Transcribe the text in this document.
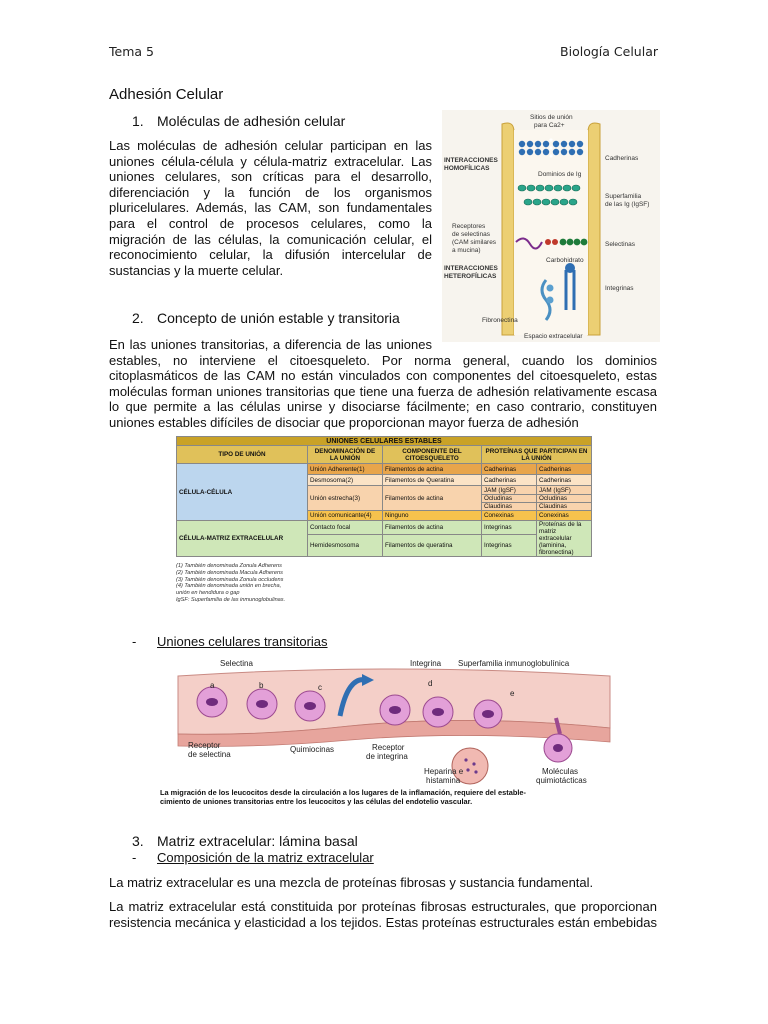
Tema 5	Biología Celular
Adhesión Celular
1. Moléculas de adhesión celular
Las moléculas de adhesión celular participan en las
uniones célula-célula y célula-matriz extracelular. Las
uniones celulares, son críticas para el desarrollo,
diferenciación y la función de los organismos
pluricelulares. Además, las CAM, son fundamentales
para el control de procesos celulares, como la
migración de las células, la comunicación celular, el
reconocimiento celular, la difusión intercelular de
sustancias y la muerte celular.
Sitios de unión
para Ca2+
INTERACCIONES
HOMOFÍLICAS
Cadherinas
Dominios de Ig
Superfamilia
de las Ig (IgSF)
Receptores
de selectinas
(CAM similares
a mucina)
Selectinas
Carbohidrato
INTERACCIONES
HETEROFÍLICAS
Integrinas
Fibronectina
Espacio extracelular
2. Concepto de unión estable y transitoria
En las uniones transitorias, a diferencia de las uniones
estables, no interviene el citoesqueleto. Por norma general, cuando los dominios
citoplasmáticos de las CAM no están vinculados con componentes del citoesqueleto, estas
moléculas forman uniones transitorias que tiene una fuerza de adhesión relativamente escasa
lo que permite a las células unirse y disociarse fácilmente; en caso contrario, constituyen
uniones estables difíciles de disociar que proporcionan mayor fuerza de adhesión
UNIONES CELULARES ESTABLES				
TIPO DE UNIÓN	DENOMINACIÓN DE LA UNIÓN	COMPONENTE DEL CITOESQUELETO	PROTEÍNAS QUE PARTICIPAN EN LA UNIÓN	
CÉLULA-CÉLULA	Unión Adherente(1)	Filamentos de actina	Cadherinas	Cadherinas
	Desmosoma(2)	Filamentos de Queratina	Cadherinas	Cadherinas
	Unión estrecha(3)	Filamentos de actina	JAM (IgSF)	JAM (IgSF)
			Ocludinas	Ocludinas
			Claudinas	Claudinas
	Unión comunicante(4)	Ninguno	Conexinas	Conexinas
CÉLULA-MATRIZ EXTRACELULAR	Contacto focal	Filamentos de actina	Integrinas	Proteínas de la matriz extracelular (laminina, fibronectina)
	Hemidesmosoma	Filamentos de queratina	Integrinas	
(1) También denominada Zonula Adherens
(2) También denominada Macula Adherens
(3) También denominada Zonula occludens
(4) También denominada unión en brecha,
unión en hendidura o gap
IgSF: Superfamilia de las inmunoglobulinas.
- Uniones celulares transitorias
Selectina	Integrina Superfamilia inmunoglobulínica
a	b	c	d
e
Receptor
de selectina
Quimiocinas	Receptor
de integrina
Heparina e
histamina
Moléculas
quimiotácticas
La migración de los leucocitos desde la circulación a los lugares de la inflamación, requiere del estable-
cimiento de uniones transitorias entre los leucocitos y las células del endotelio vascular.
3. Matriz extracelular: lámina basal
- Composición de la matriz extracelular
La matriz extracelular es una mezcla de proteínas fibrosas y sustancia fundamental.
La matriz extracelular está constituida por proteínas fibrosas estructurales, que proporcionan
resistencia mecánica y elasticidad a los tejidos. Estas proteínas estructurales están embebidas
